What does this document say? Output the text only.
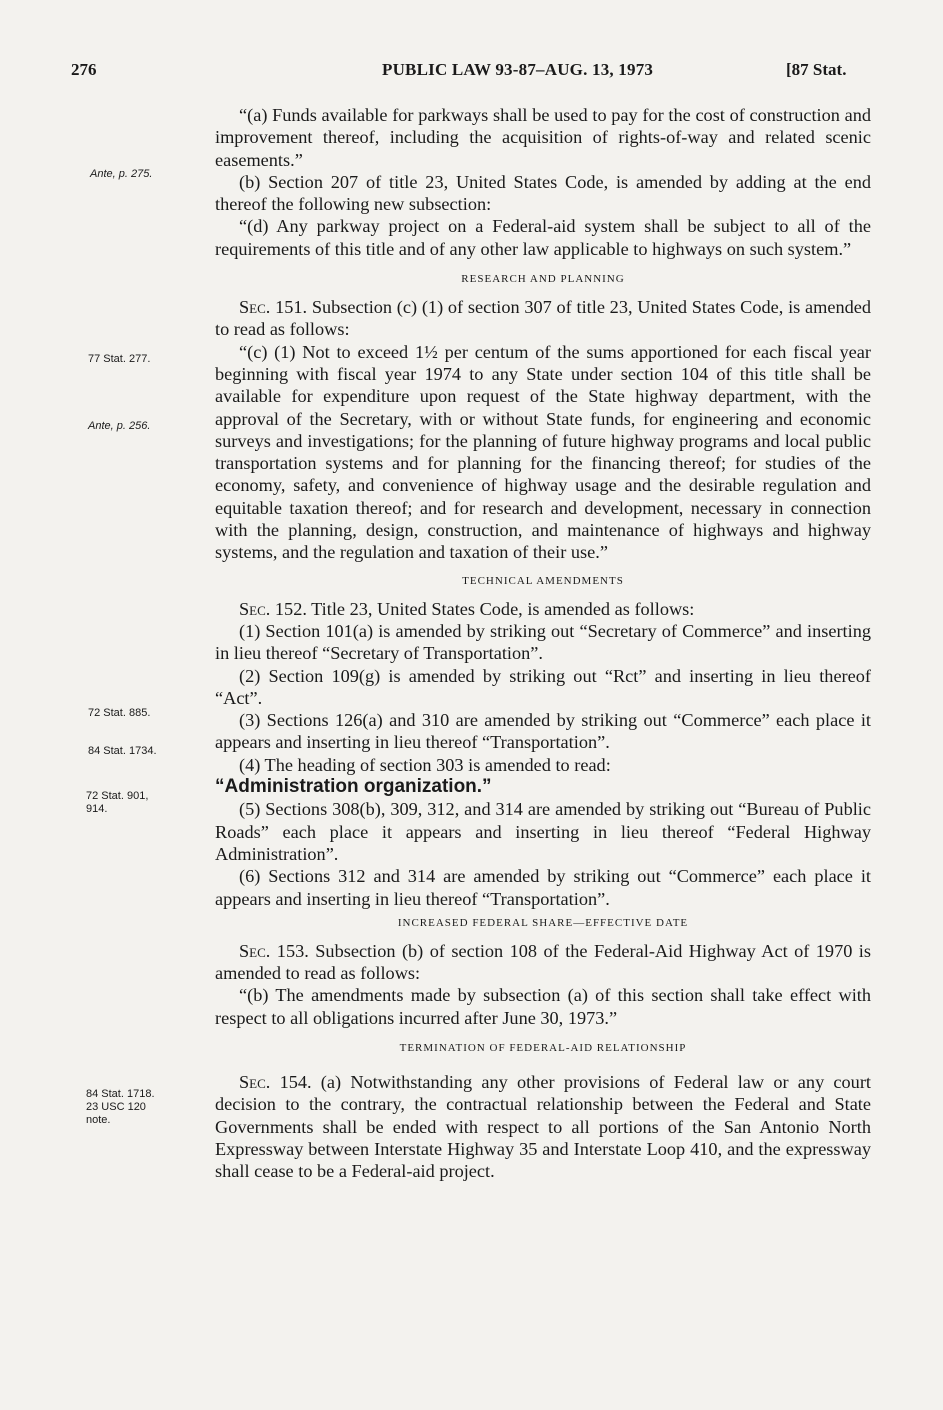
276	PUBLIC LAW 93-87–AUG. 13, 1973	[87 Stat.
Ante, p. 275.
77 Stat. 277.
Ante, p. 256.
72 Stat. 885.
84 Stat. 1734.
72 Stat. 901,
914.
84 Stat. 1718.
23 USC 120
note.

“(a) Funds available for parkways shall be used to pay for the cost of construction and improvement thereof, including the acquisition of rights-of-way and related scenic easements.”

(b) Section 207 of title 23, United States Code, is amended by adding at the end thereof the following new subsection:

“(d) Any parkway project on a Federal-aid system shall be subject to all of the requirements of this title and of any other law applicable to highways on such system.”

RESEARCH AND PLANNING

Sec. 151. Subsection (c) (1) of section 307 of title 23, United States Code, is amended to read as follows:

“(c) (1) Not to exceed 1½ per centum of the sums apportioned for each fiscal year beginning with fiscal year 1974 to any State under section 104 of this title shall be available for expenditure upon request of the State highway department, with the approval of the Secretary, with or without State funds, for engineering and economic surveys and investigations; for the planning of future highway programs and local public transportation systems and for planning for the financing thereof; for studies of the economy, safety, and convenience of highway usage and the desirable regulation and equitable taxation thereof; and for research and development, necessary in connection with the planning, design, construction, and maintenance of highways and highway systems, and the regulation and taxation of their use.”

TECHNICAL AMENDMENTS

Sec. 152. Title 23, United States Code, is amended as follows:

(1) Section 101(a) is amended by striking out “Secretary of Commerce” and inserting in lieu thereof “Secretary of Transportation”.

(2) Section 109(g) is amended by striking out “Rct” and inserting in lieu thereof “Act”.

(3) Sections 126(a) and 310 are amended by striking out “Commerce” each place it appears and inserting in lieu thereof “Transportation”.

(4) The heading of section 303 is amended to read:

“Administration organization.”

(5) Sections 308(b), 309, 312, and 314 are amended by striking out “Bureau of Public Roads” each place it appears and inserting in lieu thereof “Federal Highway Administration”.

(6) Sections 312 and 314 are amended by striking out “Commerce” each place it appears and inserting in lieu thereof “Transportation”.

INCREASED FEDERAL SHARE—EFFECTIVE DATE

Sec. 153. Subsection (b) of section 108 of the Federal-Aid Highway Act of 1970 is amended to read as follows:

“(b) The amendments made by subsection (a) of this section shall take effect with respect to all obligations incurred after June 30, 1973.”

TERMINATION OF FEDERAL-AID RELATIONSHIP

Sec. 154. (a) Notwithstanding any other provisions of Federal law or any court decision to the contrary, the contractual relationship between the Federal and State Governments shall be ended with respect to all portions of the San Antonio North Expressway between Interstate Highway 35 and Interstate Loop 410, and the expressway shall cease to be a Federal-aid project.
